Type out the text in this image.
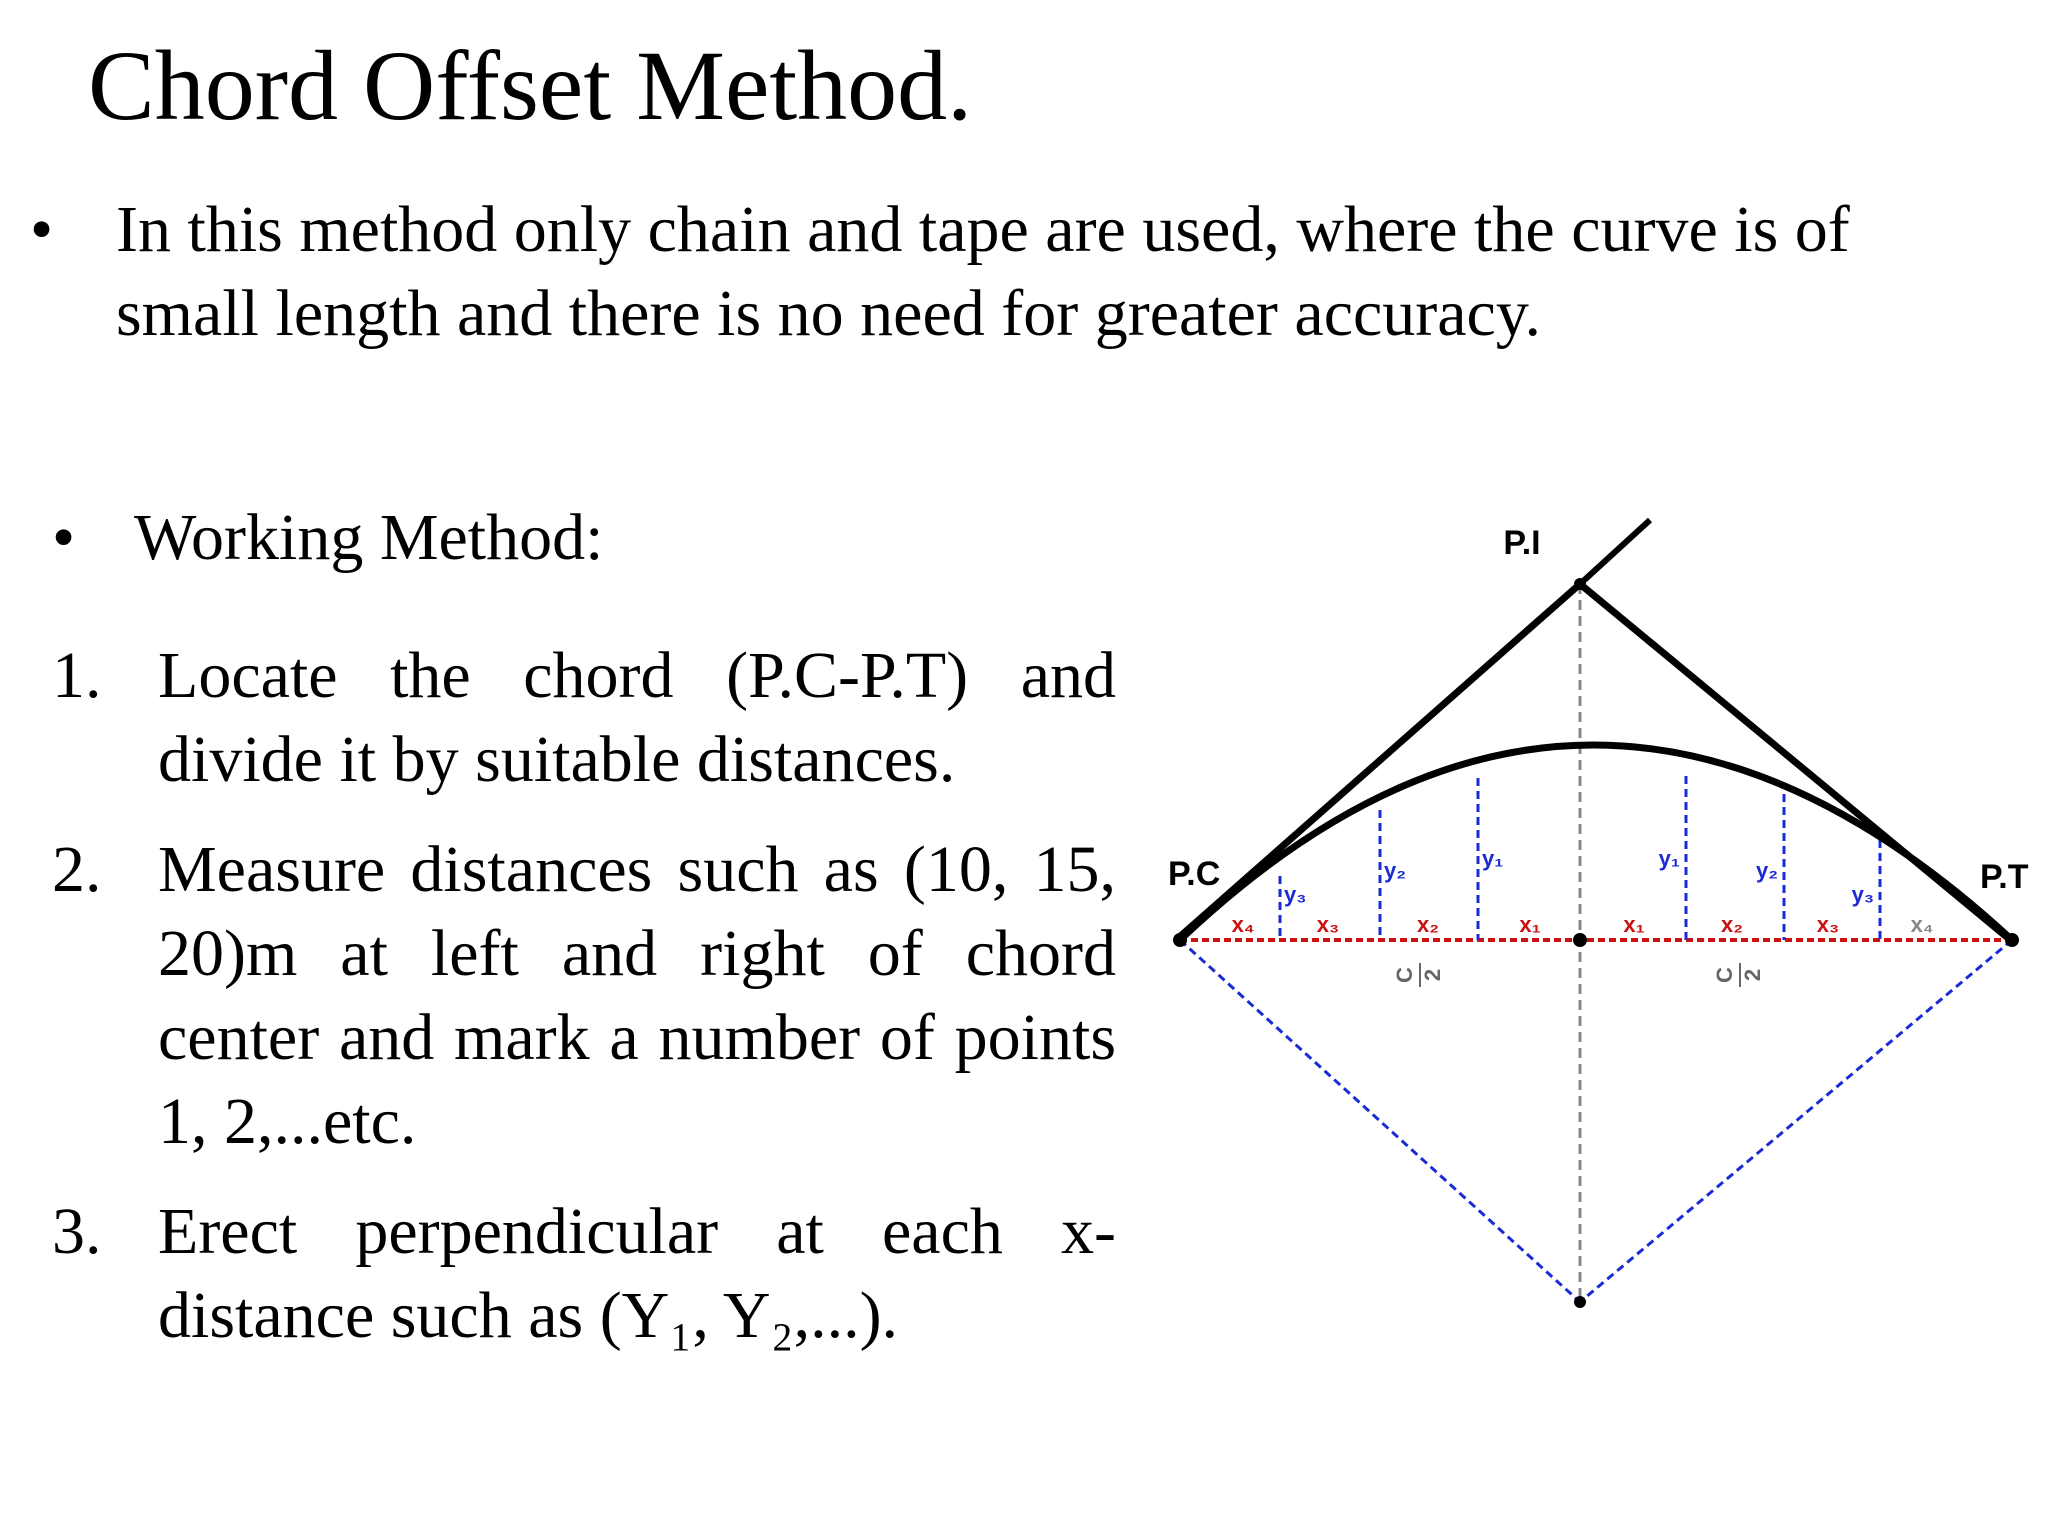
Chord Offset Method.
• In this method only chain and tape are used, where the curve is of small length and there is no need for greater accuracy.
• Working Method:
1. Locate the chord (P.C-P.T) and divide it by suitable distances.
2. Measure distances such as (10, 15, 20)m at left and right of chord center and mark a number of points 1, 2,...etc.
3. Erect perpendicular at each x-distance such as (Y₁, Y₂,...).
P.C	P.T
P.I
x₄	x₃	x₂	x₁	x₁	x₂	x₃	x₄
y₃
y₂	y₁	y₁	y₂
y₃
C 2	C 2
